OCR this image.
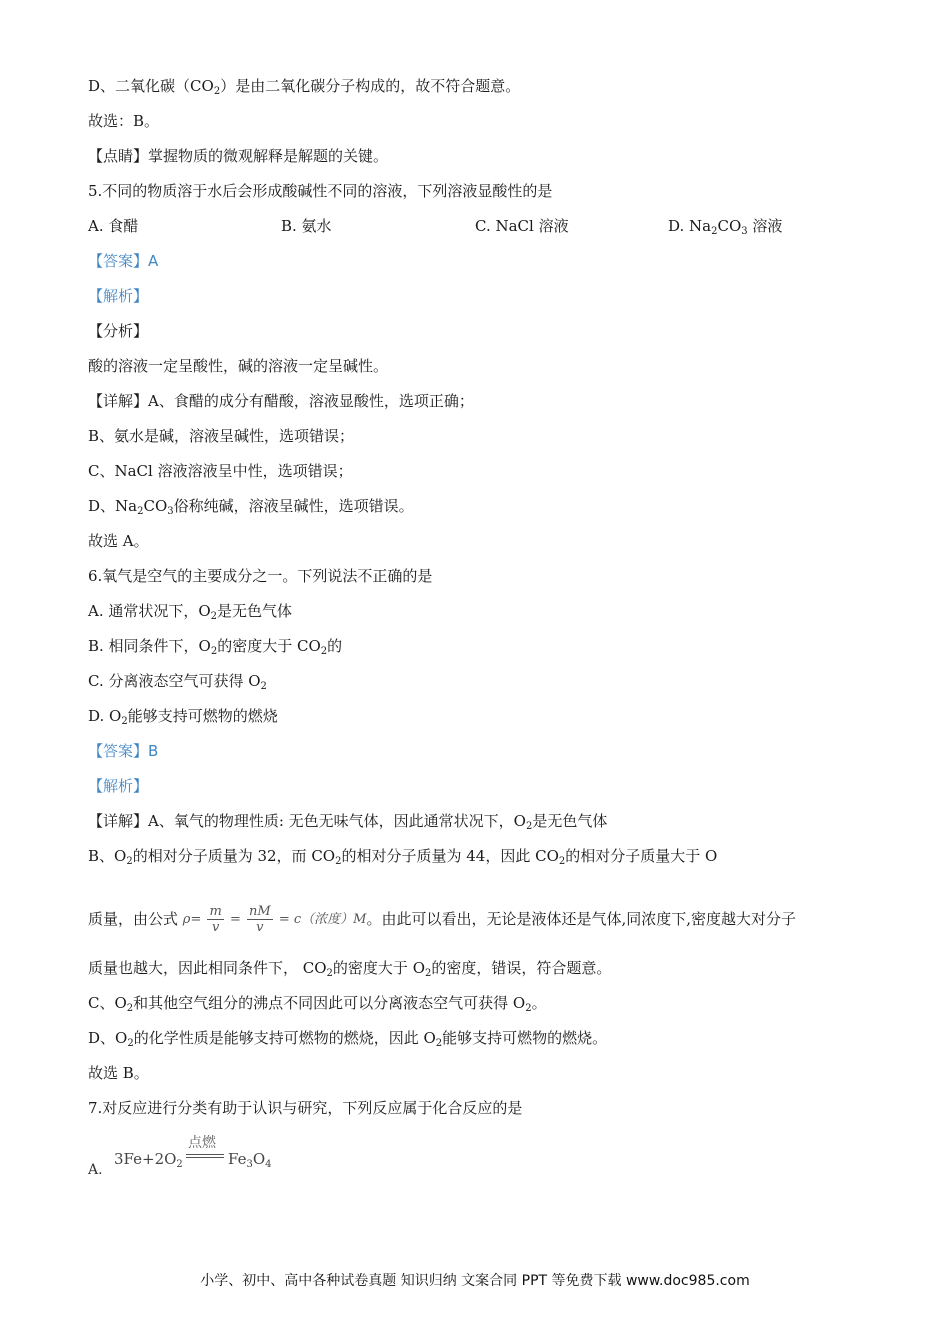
D、二氧化碳$(CO_2)$是由二氧化碳分子构成的，故不符合题意。
故选：B。
【点睛】掌握物质的微观解释是解题的关键。
5.不同的物质溶于水后会形成酸碱性不同的溶液，下列溶液显酸性的是
A. 食醋	B. 氨水	C. NaCl 溶液	D. $Na_2CO_3$ 溶液
【答案】A
【解析】
【分析】
酸的溶液一定呈酸性，碱的溶液一定呈碱性。
【详解】A、食醋的成分有醋酸，溶液显酸性，选项正确；
B、氨水是碱，溶液呈碱性，选项错误；
C、NaCl 溶液溶液呈中性，选项错误；
D、$Na_2CO_3$俗称纯碱，溶液呈碱性，选项错误。
故选 A。
6.氧气是空气的主要成分之一。下列说法不正确的是
A. 通常状况下，$O_2$是无色气体
B. 相同条件下，$O_2$的密度大于 $CO_2$的
C. 分离液态空气可获得 $O_2$
D. $O_2$能够支持可燃物的燃烧
【答案】B
【解析】
【详解】A、氧气的物理性质: 无色无味气体，因此通常状况下，$O_2$是无色气体
B、$O_2$的相对分子质量为 32，而 $CO_2$的相对分子质量为 44，因此 $CO_2$的相对分子质量大于 O
质量，由公式 $\rho= \frac{m}{v} = \frac{nM}{v} = c$（浓度）M。由此可以看出，无论是液体还是气体,同浓度下,密度越大对分子
质量也越大，因此相同条件下， $CO_2$的密度大于 $O_2$的密度，错误，符合题意。
C、$O_2$和其他空气组分的沸点不同因此可以分离液态空气可获得 $O_2$。
D、$O_2$的化学性质是能够支持可燃物的燃烧，因此 $O_2$能够支持可燃物的燃烧。
故选 B。
7.对反应进行分类有助于认识与研究，下列反应属于化合反应的是
A.
$3Fe+2O_2$
点燃
$Fe_3O_4$
小学、初中、高中各种试卷真题 知识归纳 文案合同 PPT 等免费下载 www.doc985.com
